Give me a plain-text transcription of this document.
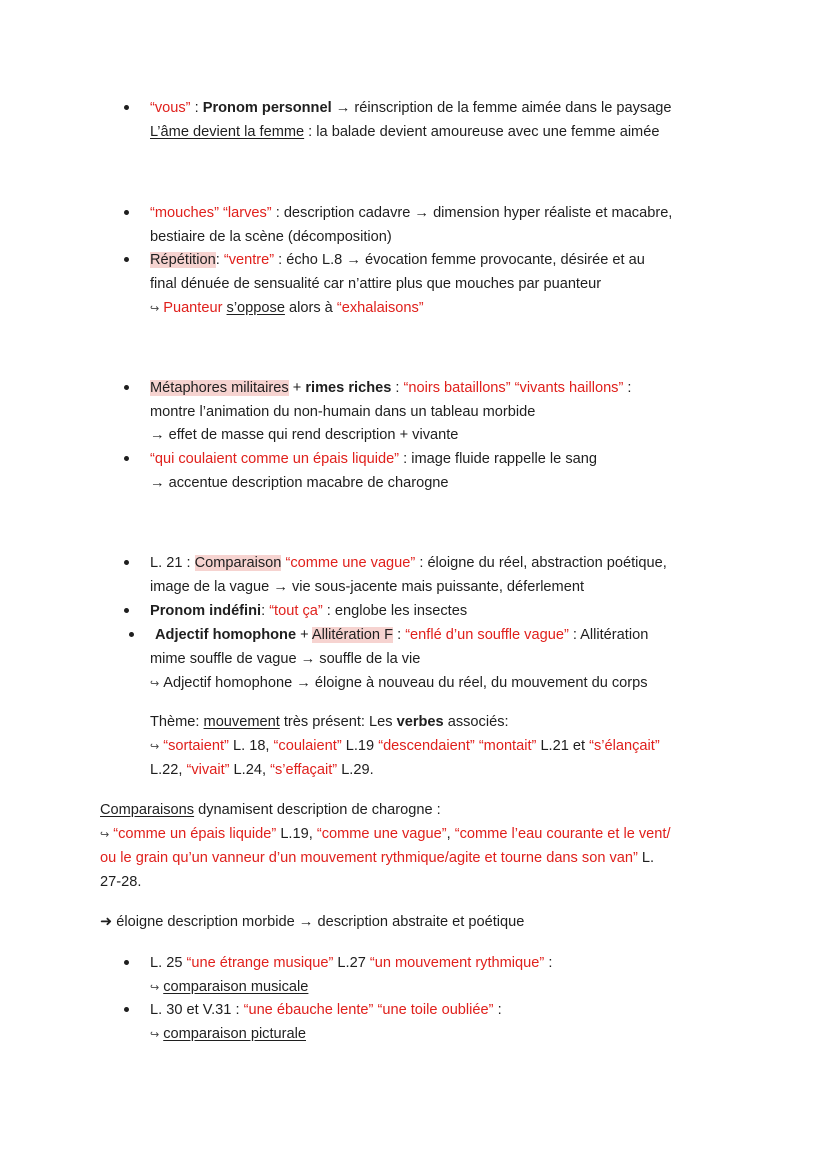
“vous” : Pronom personnel → réinscription de la femme aimée dans le paysage
L’âme devient la femme : la balade devient amoureuse avec une femme aimée
“mouches” “larves” : description cadavre → dimension hyper réaliste et macabre,
bestiaire de la scène (décomposition)
Répétition: “ventre” : écho L.8 → évocation femme provocante, désirée et au
final dénuée de sensualité car n’attire plus que mouches par puanteur
↪ Puanteur s’oppose alors à “exhalaisons”
Métaphores militaires + rimes riches : “noirs bataillons” “vivants haillons” :
montre l’animation du non-humain dans un tableau morbide
→ effet de masse qui rend description + vivante
“qui coulaient comme un épais liquide” : image fluide rappelle le sang
→ accentue description macabre de charogne
L. 21 : Comparaison “comme une vague” : éloigne du réel, abstraction poétique,
image de la vague → vie sous-jacente mais puissante, déferlement
Pronom indéfini: “tout ça” : englobe les insectes
Adjectif homophone + Allitération F : “enflé d’un souffle vague” : Allitération
mime souffle de vague → souffle de la vie
↪ Adjectif homophone → éloigne à nouveau du réel, du mouvement du corps
Thème: mouvement très présent: Les verbes associés:
↪ “sortaient” L. 18, “coulaient” L.19 “descendaient” “montait” L.21 et “s’élançait”
L.22, “vivait” L.24, “s’effaçait” L.29.
Comparaisons dynamisent description de charogne :
↪ “comme un épais liquide” L.19, “comme une vague”, “comme l’eau courante et le vent/
ou le grain qu’un vanneur d’un mouvement rythmique/agite et tourne dans son van” L.
27-28.
➜ éloigne description morbide → description abstraite et poétique
L. 25 “une étrange musique” L.27 “un mouvement rythmique” :
↪ comparaison musicale
L. 30 et V.31 : “une ébauche lente” “une toile oubliée” :
↪ comparaison picturale
